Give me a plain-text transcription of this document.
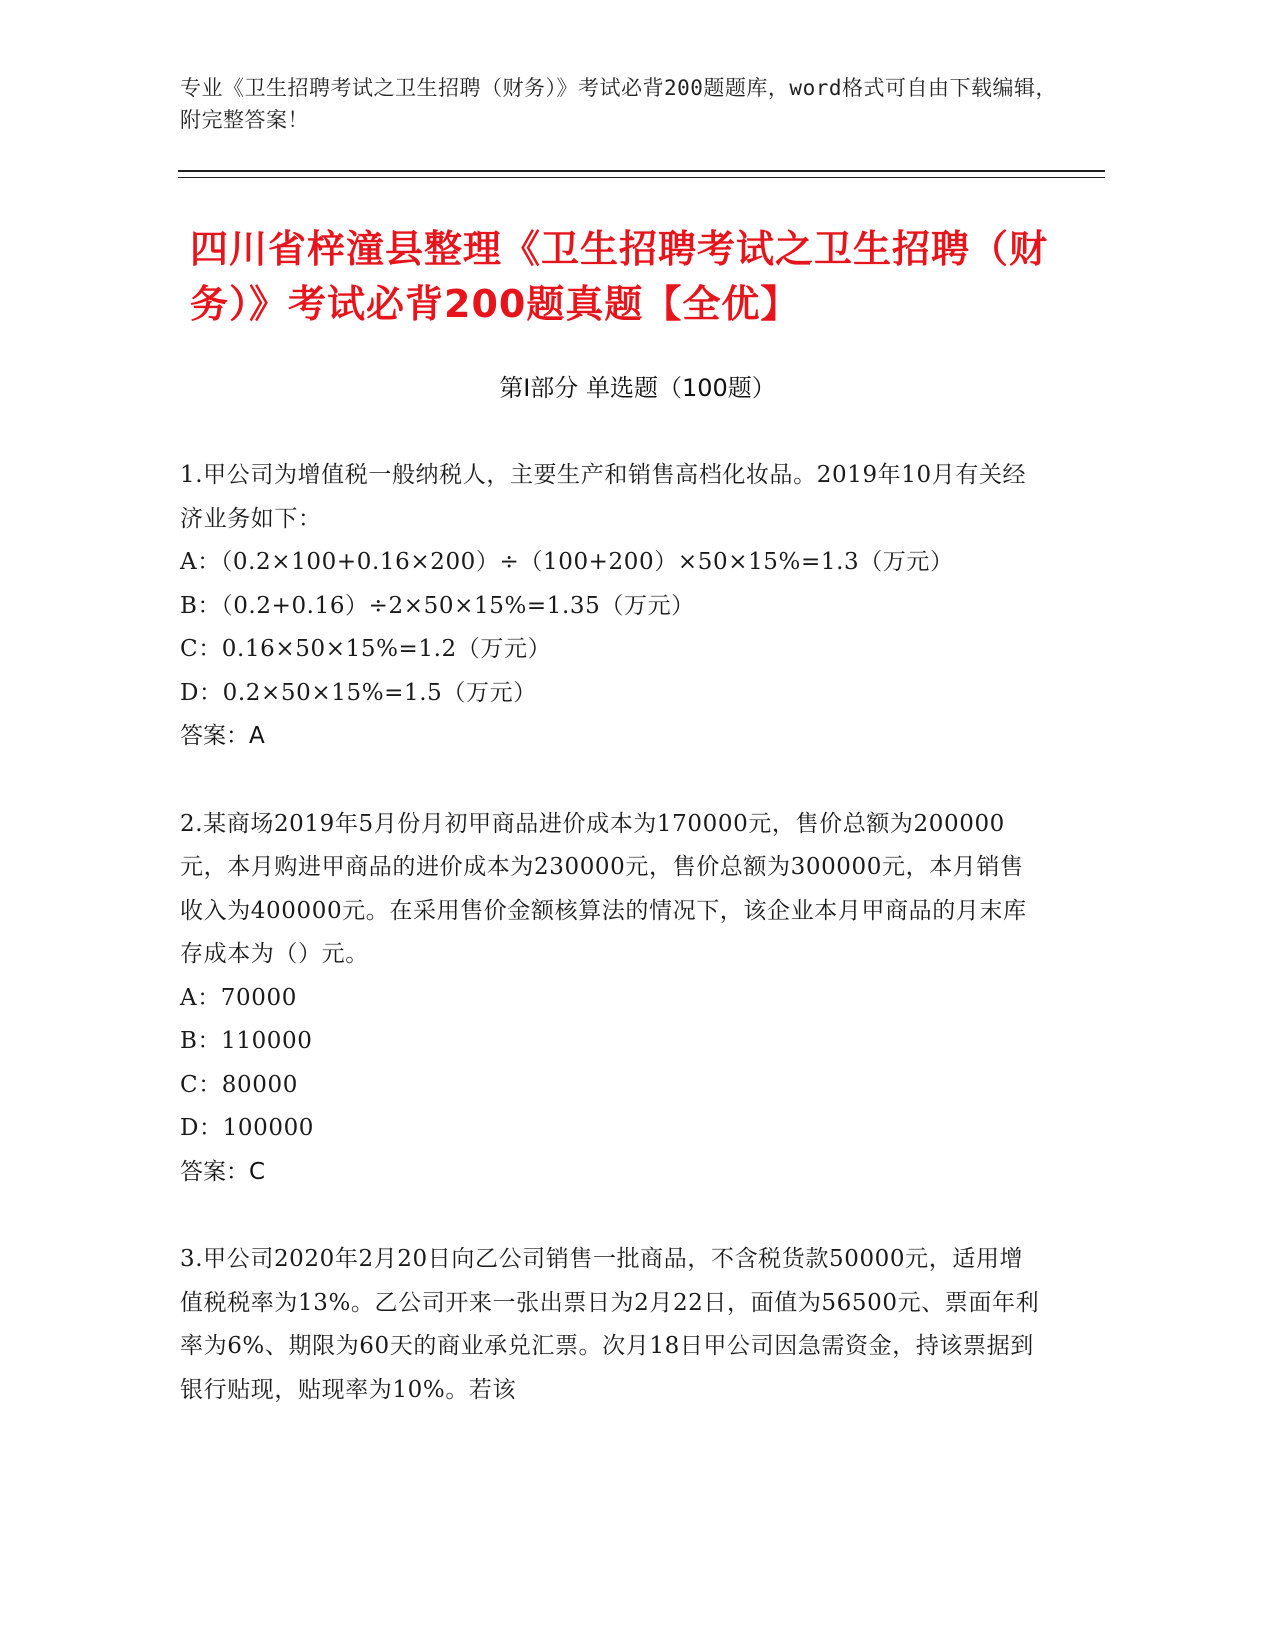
专业《卫生招聘考试之卫生招聘（财务）》考试必背200题题库，word格式可自由下载编辑，附完整答案！
四川省梓潼县整理《卫生招聘考试之卫生招聘（财务）》考试必背200题真题【全优】
第Ⅰ部分 单选题（100题）
1.甲公司为增值税一般纳税人，主要生产和销售高档化妆品。2019年10月有关经济业务如下：
A：（0.2×100+0.16×200）÷（100+200）×50×15%=1.3（万元）
B：（0.2+0.16）÷2×50×15%=1.35（万元）
C：0.16×50×15%=1.2（万元）
D：0.2×50×15%=1.5（万元）
答案：A
2.某商场2019年5月份月初甲商品进价成本为170000元，售价总额为200000元，本月购进甲商品的进价成本为230000元，售价总额为300000元，本月销售收入为400000元。在采用售价金额核算法的情况下，该企业本月甲商品的月末库存成本为（）元。
A：70000
B：110000
C：80000
D：100000
答案：C
3.甲公司2020年2月20日向乙公司销售一批商品，不含税货款50000元，适用增值税税率为13%。乙公司开来一张出票日为2月22日，面值为56500元、票面年利率为6%、期限为60天的商业承兑汇票。次月18日甲公司因急需资金，持该票据到银行贴现，贴现率为10%。若该
